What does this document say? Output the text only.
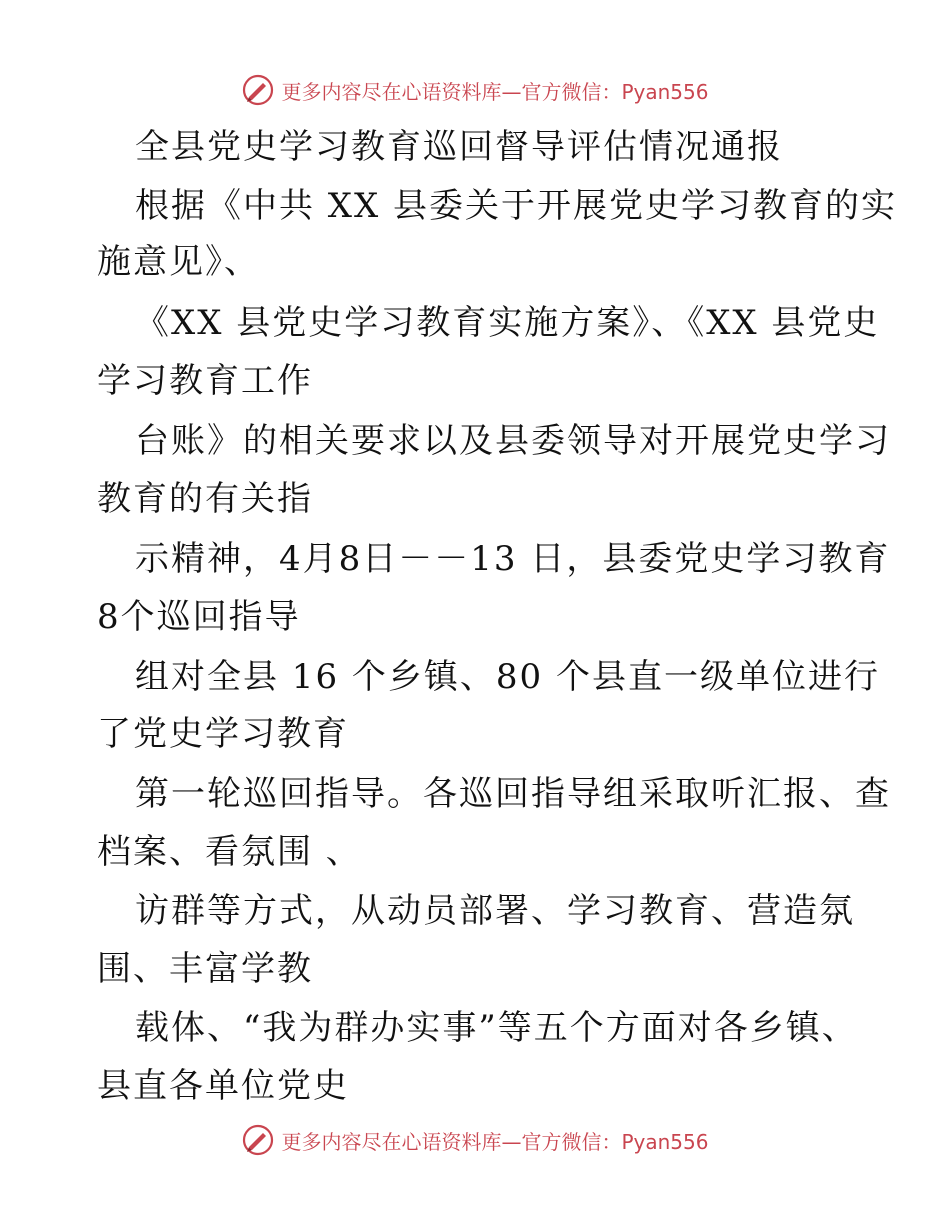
更多内容尽在心语资料库—官方微信：Pyan556
全县党史学习教育巡回督导评估情况通报
根据《中共 XX 县委关于开展党史学习教育的实
施意见》、
《XX 县党史学习教育实施方案》、《XX 县党史
学习教育工作
台账》的相关要求以及县委领导对开展党史学习
教育的有关指
示精神，4月8日－－13 日，县委党史学习教育
8个巡回指导
组对全县 16 个乡镇、80 个县直一级单位进行
了党史学习教育
第一轮巡回指导。各巡回指导组采取听汇报、查
档案、看氛围 、
访群等方式，从动员部署、学习教育、营造氛
围、丰富学教
载体、“我为群办实事”等五个方面对各乡镇、
县直各单位党史
更多内容尽在心语资料库—官方微信：Pyan556
